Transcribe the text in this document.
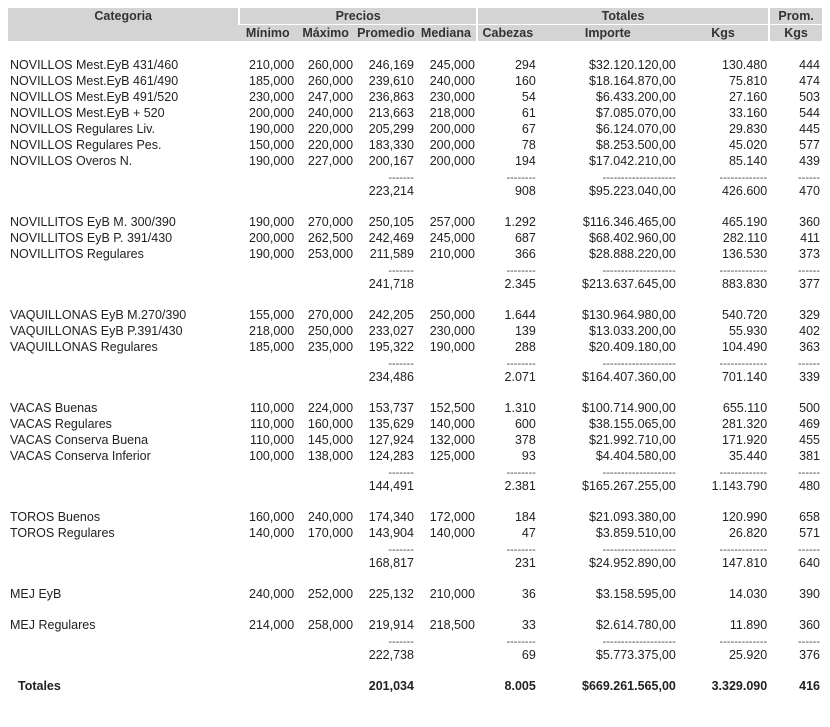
Categoria	Precios				Totales			Prom.
	Mínimo	Máximo	Promedio	Mediana	Cabezas	Importe	Kgs	Kgs

NOVILLOS Mest.EyB 431/460	210,000	260,000	246,169	245,000	294	$32.120.120,00	130.480	444
NOVILLOS Mest.EyB 461/490	185,000	260,000	239,610	240,000	160	$18.164.870,00	75.810	474
NOVILLOS Mest.EyB 491/520	230,000	247,000	236,863	230,000	54	$6.433.200,00	27.160	503
NOVILLOS Mest.EyB + 520	200,000	240,000	213,663	218,000	61	$7.085.070,00	33.160	544
NOVILLOS Regulares Liv.	190,000	220,000	205,299	200,000	67	$6.124.070,00	29.830	445
NOVILLOS Regulares Pes.	150,000	220,000	183,330	200,000	78	$8.253.500,00	45.020	577
NOVILLOS Overos N.	190,000	227,000	200,167	200,000	194	$17.042.210,00	85.140	439
			-------		--------	--------------------	-------------	------
			223,214		908	$95.223.040,00	426.600	470

NOVILLITOS EyB M. 300/390	190,000	270,000	250,105	257,000	1.292	$116.346.465,00	465.190	360
NOVILLITOS EyB P. 391/430	200,000	262,500	242,469	245,000	687	$68.402.960,00	282.110	411
NOVILLITOS Regulares	190,000	253,000	211,589	210,000	366	$28.888.220,00	136.530	373
			-------		--------	--------------------	-------------	------
			241,718		2.345	$213.637.645,00	883.830	377

VAQUILLONAS EyB M.270/390	155,000	270,000	242,205	250,000	1.644	$130.964.980,00	540.720	329
VAQUILLONAS EyB P.391/430	218,000	250,000	233,027	230,000	139	$13.033.200,00	55.930	402
VAQUILLONAS Regulares	185,000	235,000	195,322	190,000	288	$20.409.180,00	104.490	363
			-------		--------	--------------------	-------------	------
			234,486		2.071	$164.407.360,00	701.140	339

VACAS Buenas	110,000	224,000	153,737	152,500	1.310	$100.714.900,00	655.110	500
VACAS Regulares	110,000	160,000	135,629	140,000	600	$38.155.065,00	281.320	469
VACAS Conserva Buena	110,000	145,000	127,924	132,000	378	$21.992.710,00	171.920	455
VACAS Conserva Inferior	100,000	138,000	124,283	125,000	93	$4.404.580,00	35.440	381
			-------		--------	--------------------	-------------	------
			144,491		2.381	$165.267.255,00	1.143.790	480

TOROS Buenos	160,000	240,000	174,340	172,000	184	$21.093.380,00	120.990	658
TOROS Regulares	140,000	170,000	143,904	140,000	47	$3.859.510,00	26.820	571
			-------		--------	--------------------	-------------	------
			168,817		231	$24.952.890,00	147.810	640

MEJ EyB	240,000	252,000	225,132	210,000	36	$3.158.595,00	14.030	390

MEJ Regulares	214,000	258,000	219,914	218,500	33	$2.614.780,00	11.890	360
			-------		--------	--------------------	-------------	------
			222,738		69	$5.773.375,00	25.920	376

Totales			201,034		8.005	$669.261.565,00	3.329.090	416
